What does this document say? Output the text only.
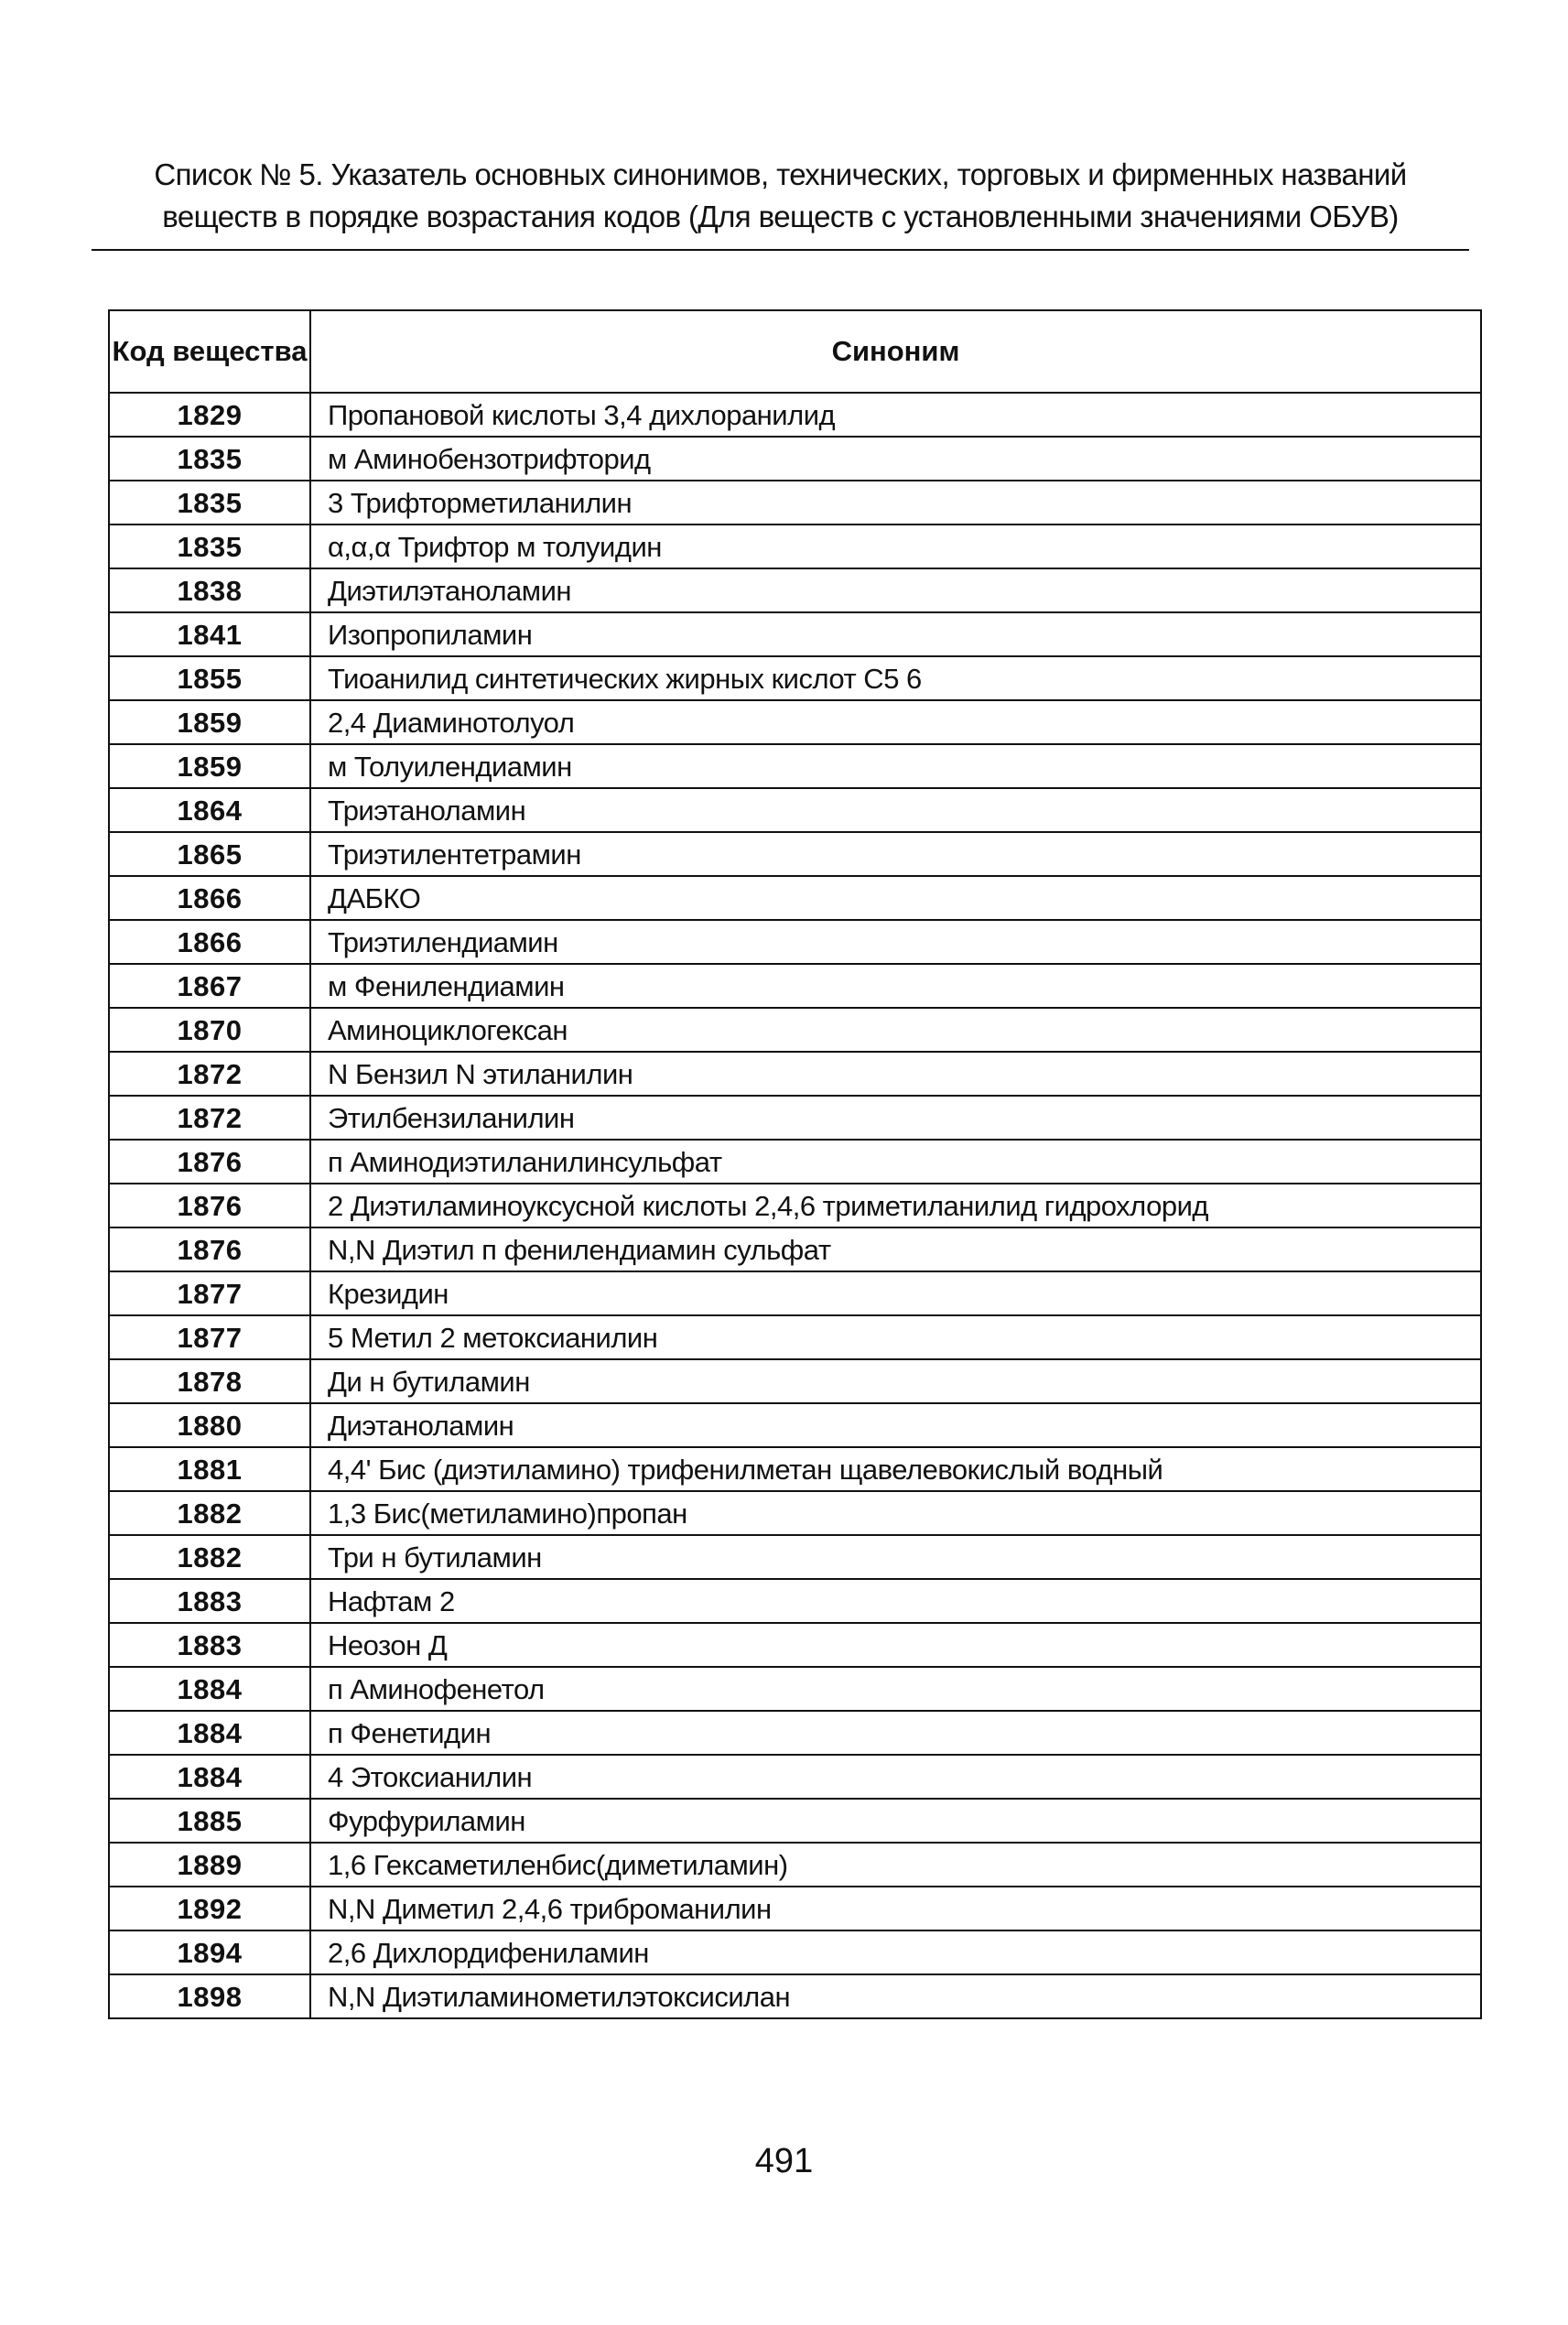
Список № 5. Указатель основных синонимов, технических, торговых и фирменных названий
веществ в порядке возрастания кодов (Для веществ с установленными значениями ОБУВ)
Код вещества	Синоним
1829	Пропановой кислоты 3,4 дихлоранилид
1835	м Аминобензотрифторид
1835	3 Трифторметиланилин
1835	α,α,α Трифтор м толуидин
1838	Диэтилэтаноламин
1841	Изопропиламин
1855	Тиоанилид синтетических жирных кислот С5 6
1859	2,4 Диаминотолуол
1859	м Толуилендиамин
1864	Триэтаноламин
1865	Триэтилентетрамин
1866	ДАБКО
1866	Триэтилендиамин
1867	м Фенилендиамин
1870	Аминоциклогексан
1872	N Бензил N этиланилин
1872	Этилбензиланилин
1876	п Аминодиэтиланилинсульфат
1876	2 Диэтиламиноуксусной кислоты 2,4,6 триметиланилид гидрохлорид
1876	N,N Диэтил п фенилендиамин сульфат
1877	Крезидин
1877	5 Метил 2 метоксианилин
1878	Ди н бутиламин
1880	Диэтаноламин
1881	4,4' Бис (диэтиламино) трифенилметан щавелевокислый водный
1882	1,3 Бис(метиламино)пропан
1882	Три н бутиламин
1883	Нафтам 2
1883	Неозон Д
1884	п Аминофенетол
1884	п Фенетидин
1884	4 Этоксианилин
1885	Фурфуриламин
1889	1,6 Гексаметиленбис(диметиламин)
1892	N,N Диметил 2,4,6 триброманилин
1894	2,6 Дихлордифениламин
1898	N,N Диэтиламинометилэтоксисилан
491
